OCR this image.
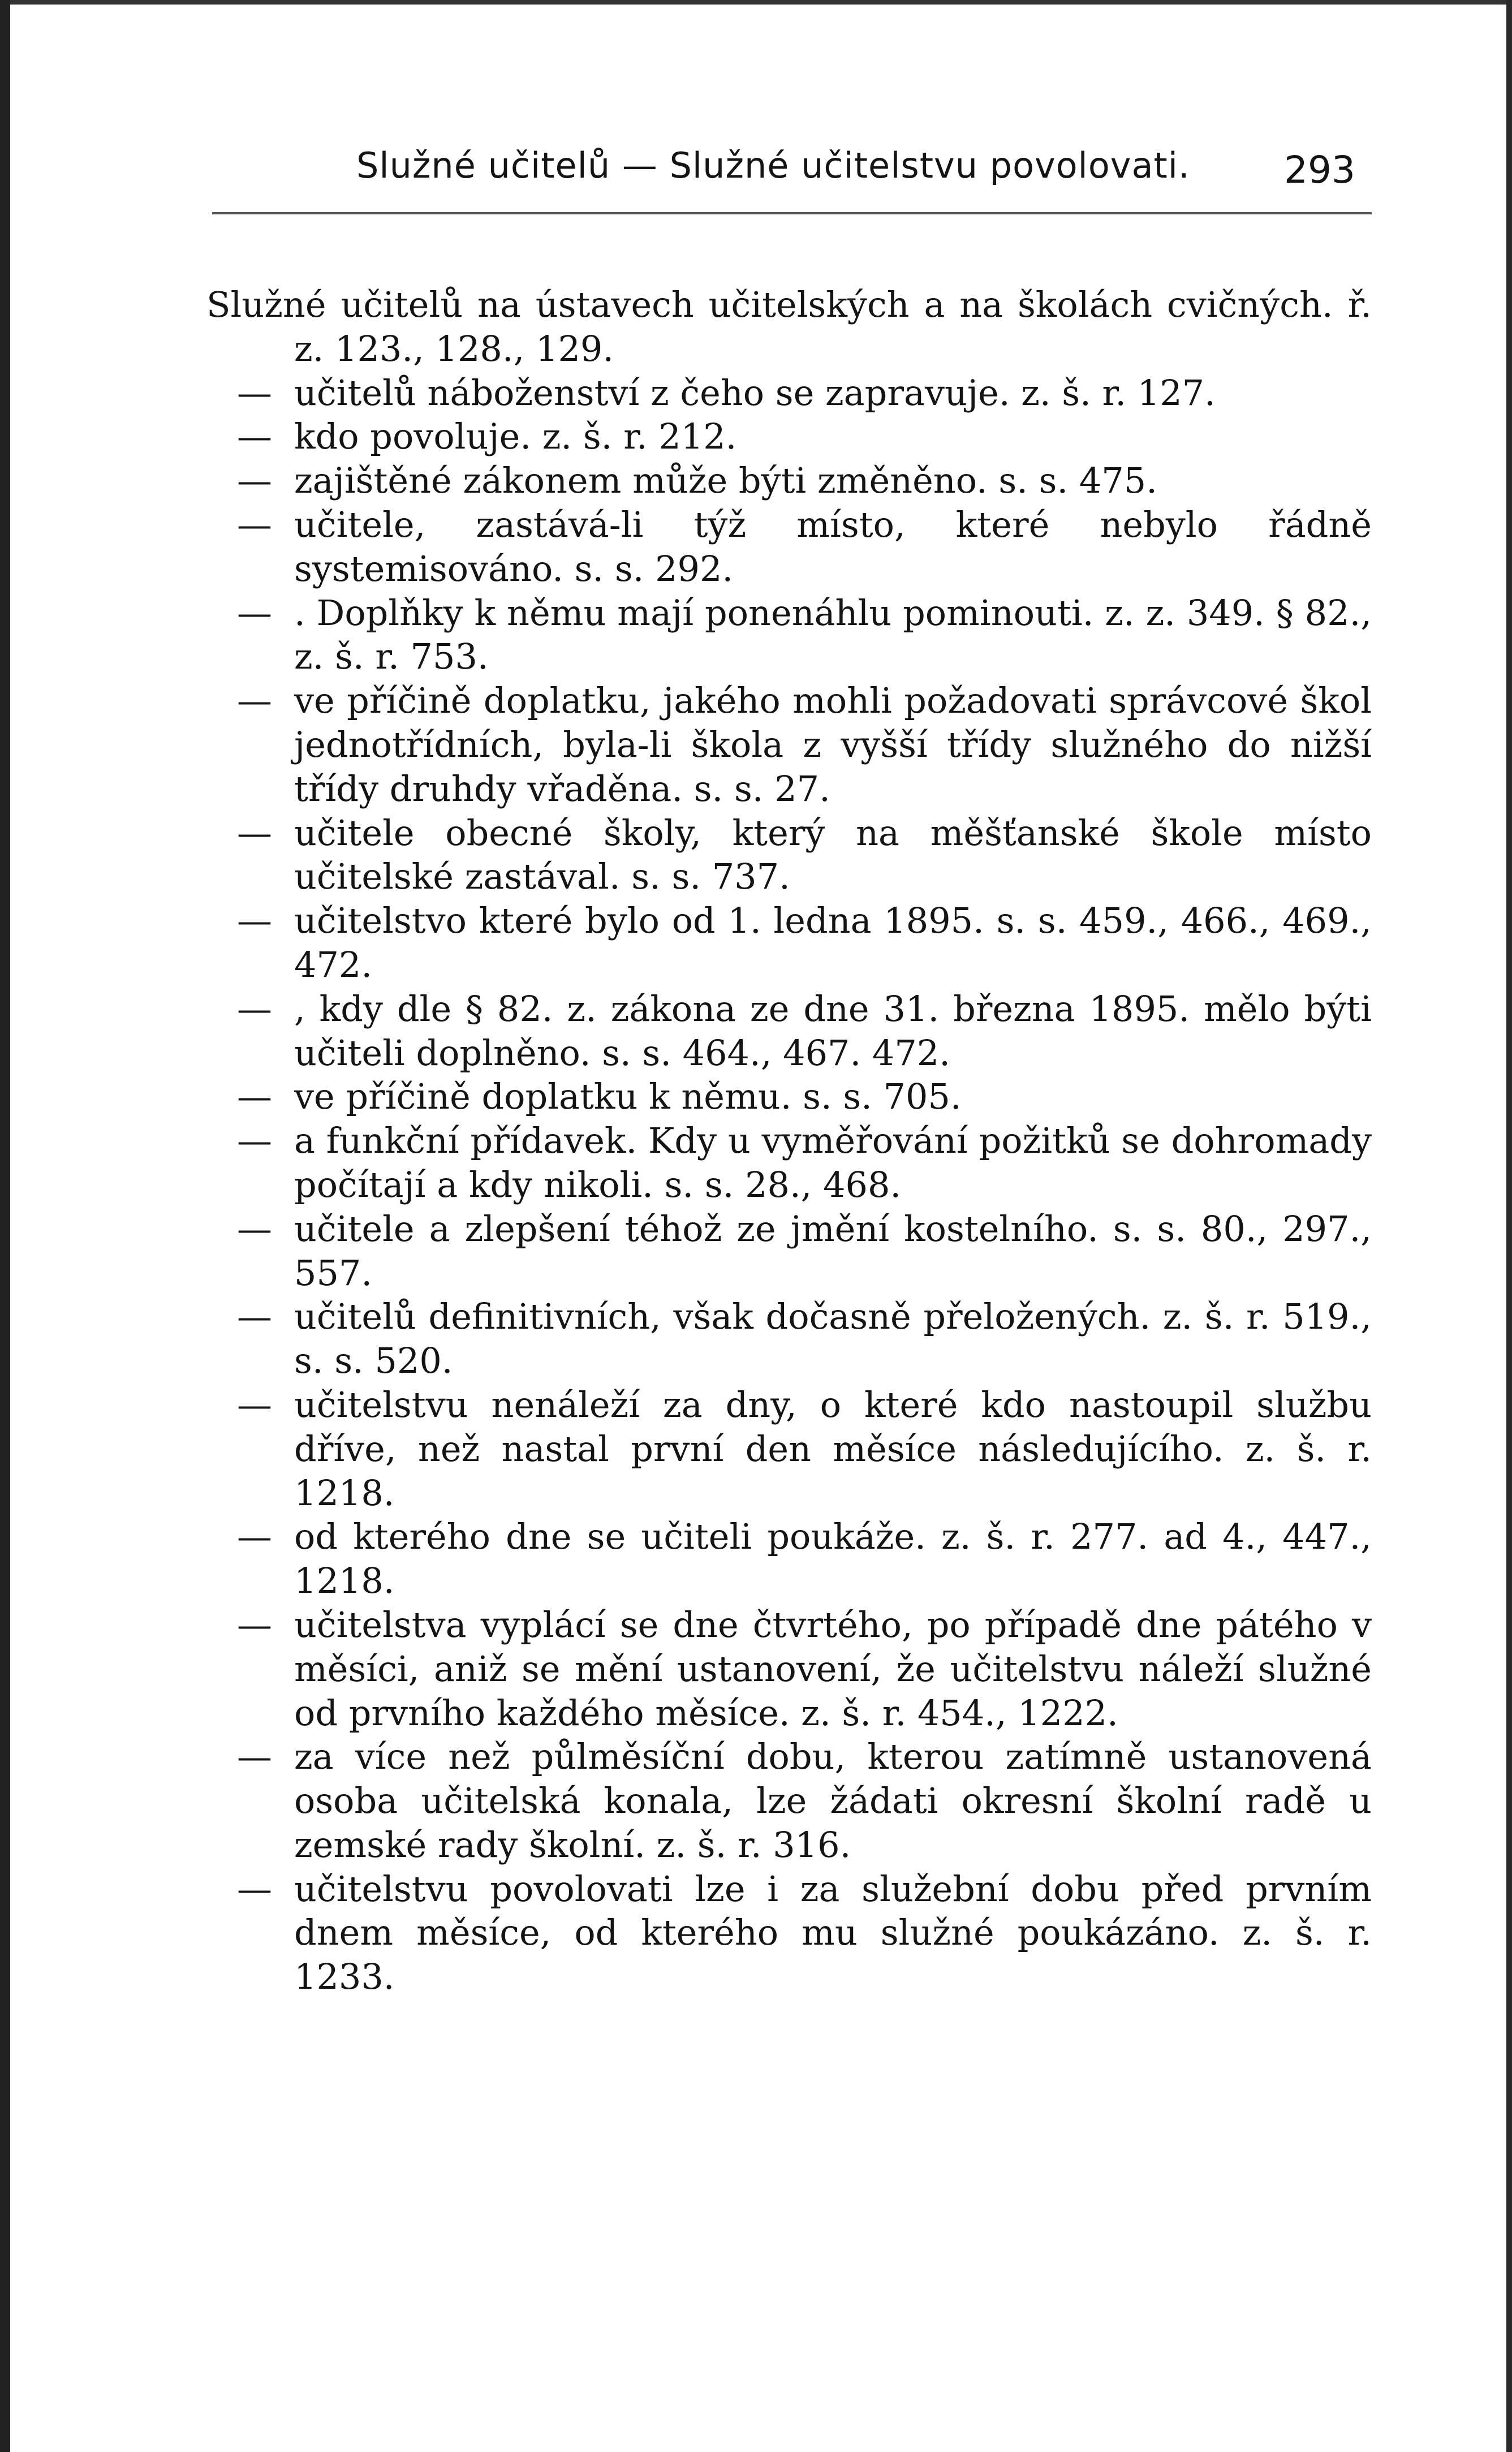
Služné učitelů — Služné učitelstvu povolovati.	293
Služné učitelů na ústavech učitelských a na školách cvičných. ř. z. 123., 128., 129.
— učitelů náboženství z čeho se zapravuje. z. š. r. 127.
— kdo povoluje. z. š. r. 212.
— zajištěné zákonem může býti změněno. s. s. 475.
— učitele, zastává-li týž místo, které nebylo řádně systemisováno. s. s. 292.
— . Doplňky k němu mají ponenáhlu pominouti. z. z. 349. § 82., z. š. r. 753.
— ve příčině doplatku, jakého mohli požadovati správcové škol jednotřídních, byla-li škola z vyšší třídy služného do nižší třídy druhdy vřaděna. s. s. 27.
— učitele obecné školy, který na měšťanské škole místo učitelské zastával. s. s. 737.
— učitelstvo které bylo od 1. ledna 1895. s. s. 459., 466., 469., 472.
— , kdy dle § 82. z. zákona ze dne 31. března 1895. mělo býti učiteli doplněno. s. s. 464., 467. 472.
— ve příčině doplatku k němu. s. s. 705.
— a funkční přídavek. Kdy u vyměřování požitků se dohromady počítají a kdy nikoli. s. s. 28., 468.
— učitele a zlepšení téhož ze jmění kostelního. s. s. 80., 297., 557.
— učitelů definitivních, však dočasně přeložených. z. š. r. 519., s. s. 520.
— učitelstvu nenáleží za dny, o které kdo nastoupil službu dříve, než nastal první den měsíce následujícího. z. š. r. 1218.
— od kterého dne se učiteli poukáže. z. š. r. 277. ad 4., 447., 1218.
— učitelstva vyplácí se dne čtvrtého, po případě dne pátého v měsíci, aniž se mění ustanovení, že učitelstvu náleží služné od prvního každého měsíce. z. š. r. 454., 1222.
— za více než půlměsíční dobu, kterou zatímně ustanovená osoba učitelská konala, lze žádati okresní školní radě u zemské rady školní. z. š. r. 316.
— učitelstvu povolovati lze i za služební dobu před prvním dnem měsíce, od kterého mu služné poukázáno. z. š. r. 1233.
